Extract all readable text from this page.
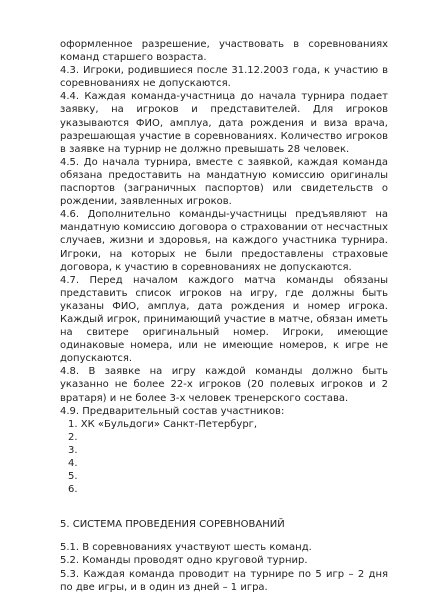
оформленное разрешение, участвовать в соревнованиях команд старшего возраста.

4.3. Игроки, родившиеся после 31.12.2003 года, к участию в соревнованиях не допускаются.

4.4. Каждая команда-участница до начала турнира подает заявку, на игроков и представителей. Для игроков указываются ФИО, амплуа, дата рождения и виза врача, разрешающая участие в соревнованиях. Количество игроков в заявке на турнир не должно превышать 28 человек.

4.5. До начала турнира, вместе с заявкой, каждая команда обязана предоставить на мандатную комиссию оригиналы паспортов (заграничных паспортов) или свидетельств о рождении, заявленных игроков.

4.6. Дополнительно команды-участницы предъявляют на мандатную комиссию договора о страховании от несчастных случаев, жизни и здоровья, на каждого участника турнира. Игроки, на которых не были предоставлены страховые договора, к участию в соревнованиях не допускаются.

4.7. Перед началом каждого матча команды обязаны представить список игроков на игру, где должны быть указаны ФИО, амплуа, дата рождения и номер игрока. Каждый игрок, принимающий участие в матче, обязан иметь на свитере оригинальный номер. Игроки, имеющие одинаковые номера, или не имеющие номеров, к игре не допускаются.

4.8. В заявке на игру каждой команды должно быть указанно не более 22-х игроков (20 полевых игроков и 2 вратаря) и не более 3-х человек тренерского состава.

4.9. Предварительный состав участников:

1. ХК «Бульдоги» Санкт-Петербург,
2.
3.
4.
5.
6.

5. СИСТЕМА ПРОВЕДЕНИЯ СОРЕВНОВАНИЙ

5.1. В соревнованиях участвуют шесть команд.

5.2. Команды проводят одно круговой турнир.

5.3. Каждая команда проводит на турнире по 5 игр – 2 дня по две игры, и в один из дней – 1 игра.
